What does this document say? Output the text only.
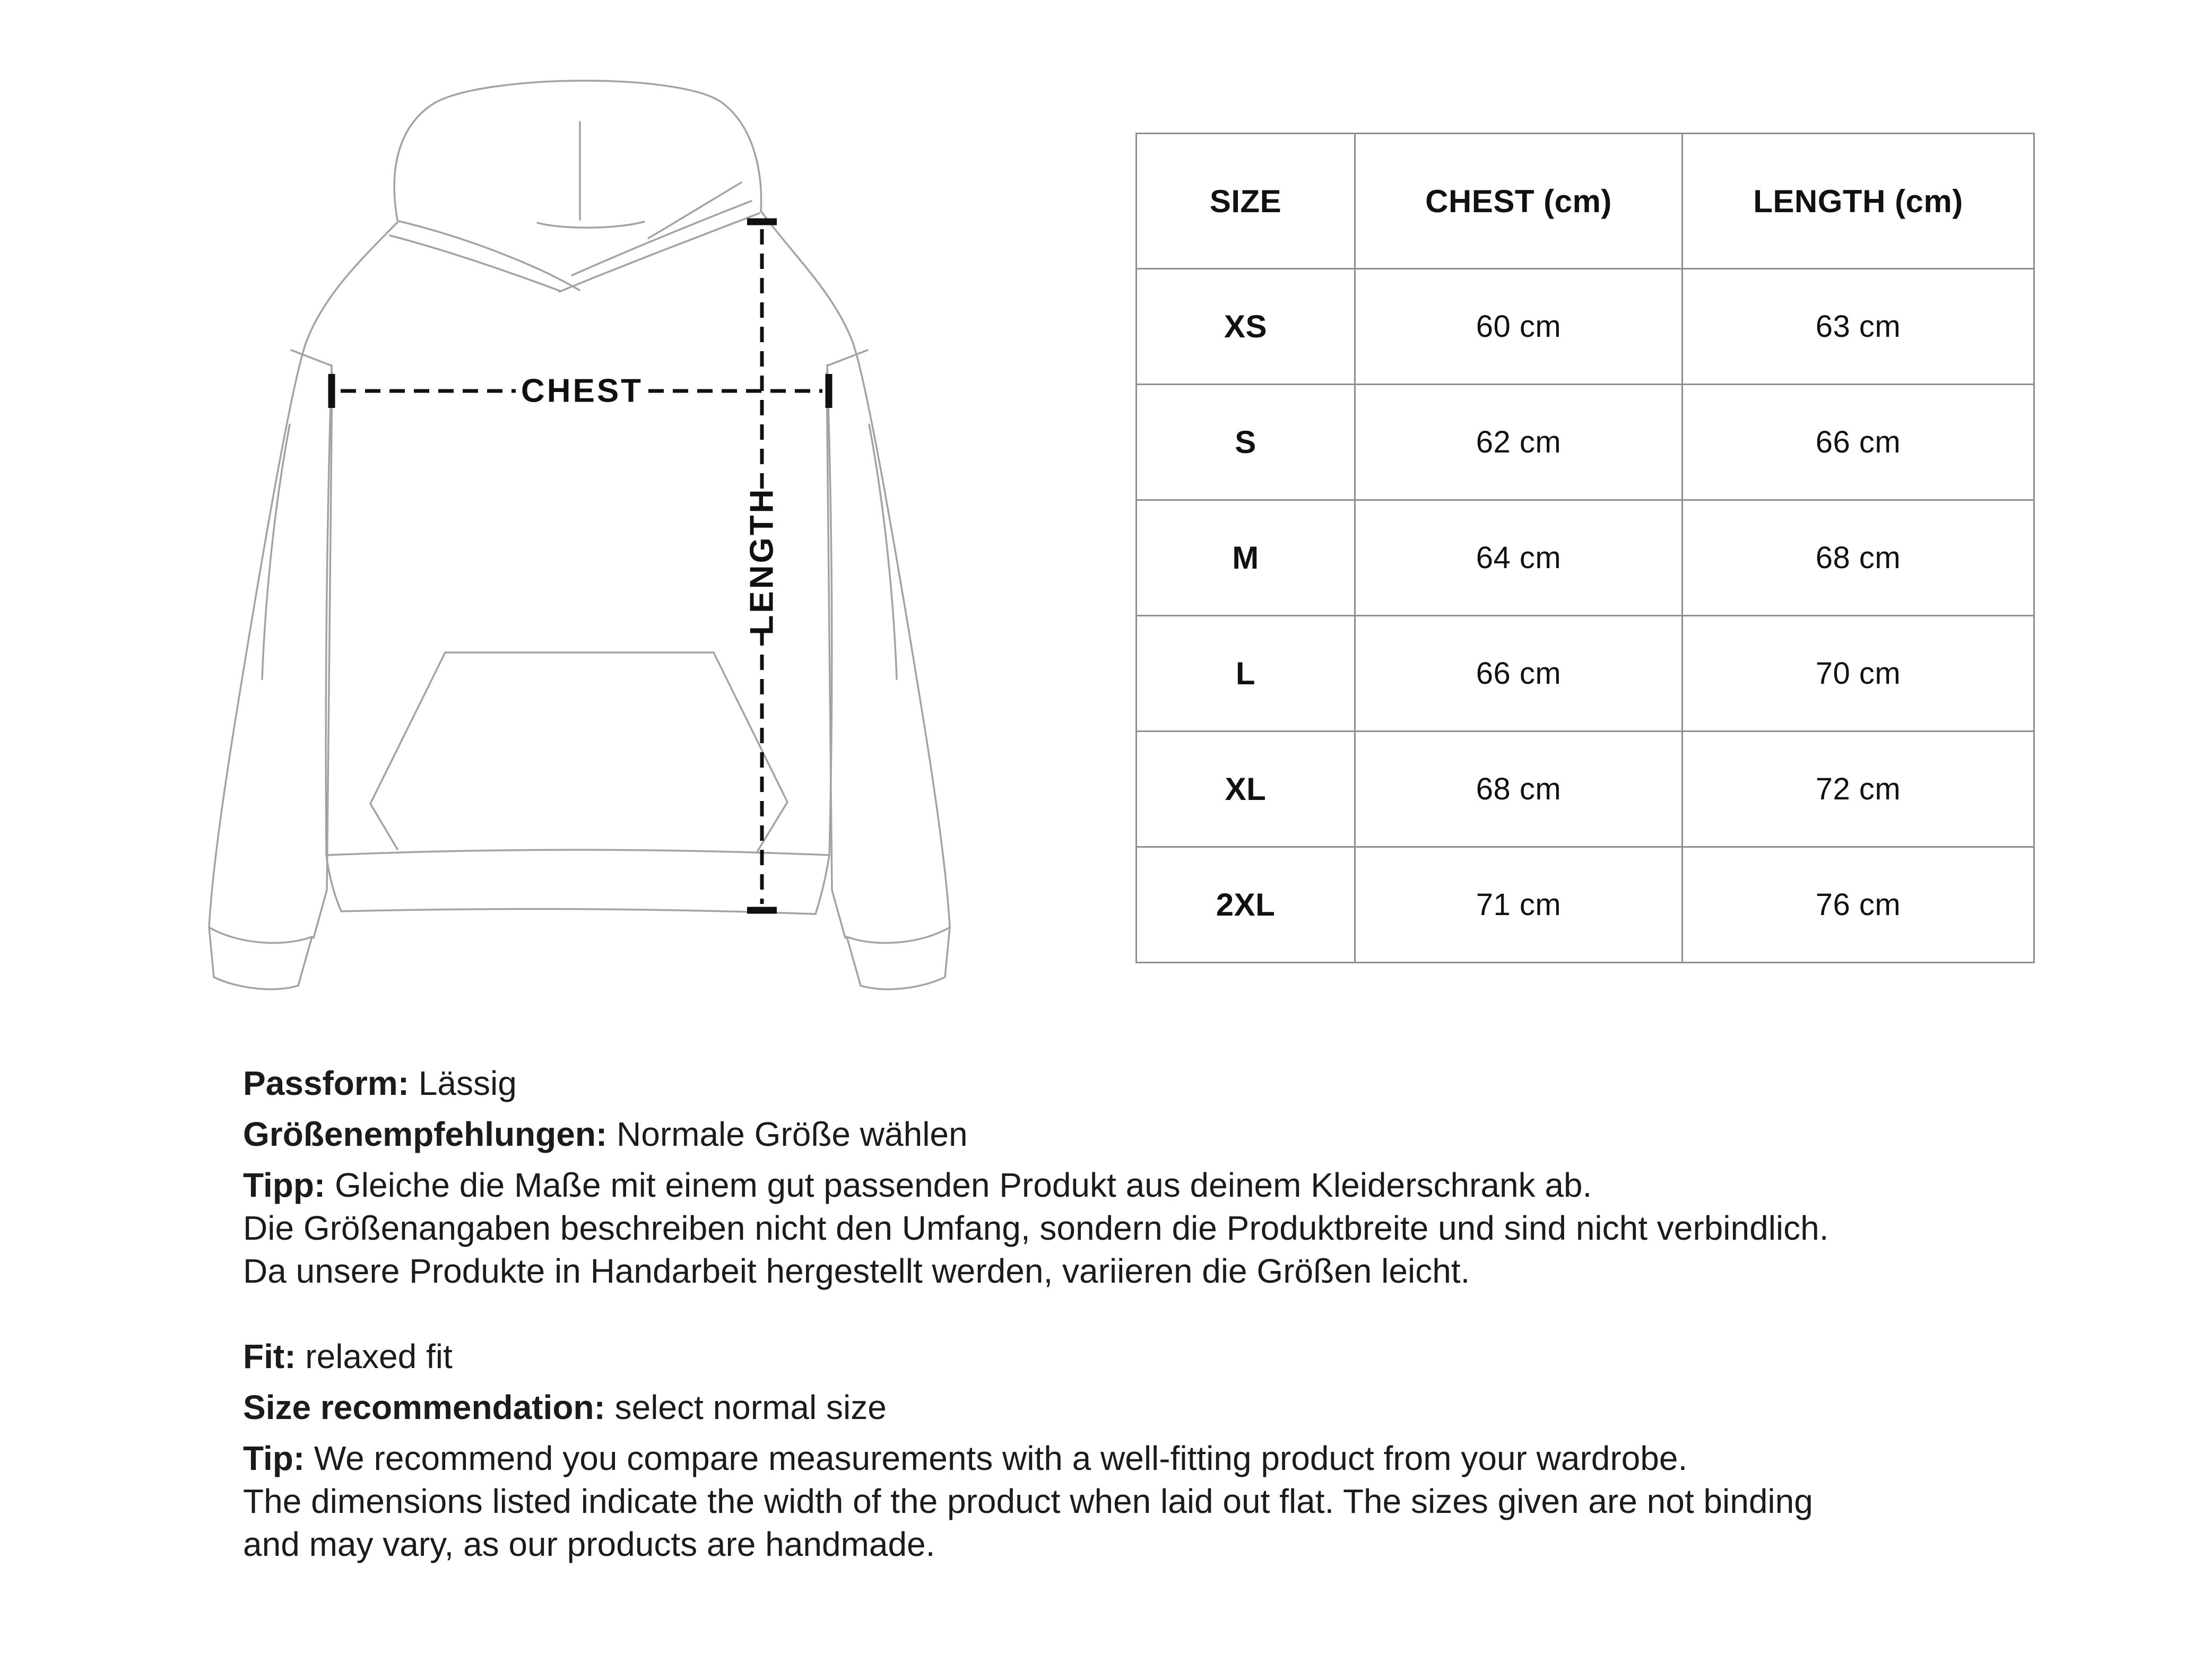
CHEST
LENGTH
SIZE	CHEST (cm)	LENGTH (cm)
XS	60 cm	63 cm
S	62 cm	66 cm
M	64 cm	68 cm
L	66 cm	70 cm
XL	68 cm	72 cm
2XL	71 cm	76 cm
Passform: Lässig
Größenempfehlungen: Normale Größe wählen
Tipp: Gleiche die Maße mit einem gut passenden Produkt aus deinem Kleiderschrank ab.
Die Größenangaben beschreiben nicht den Umfang, sondern die Produktbreite und sind nicht verbindlich.
Da unsere Produkte in Handarbeit hergestellt werden, variieren die Größen leicht.
Fit: relaxed fit
Size recommendation: select normal size
Tip: We recommend you compare measurements with a well-fitting product from your wardrobe.
The dimensions listed indicate the width of the product when laid out flat. The sizes given are not binding
and may vary, as our products are handmade.
